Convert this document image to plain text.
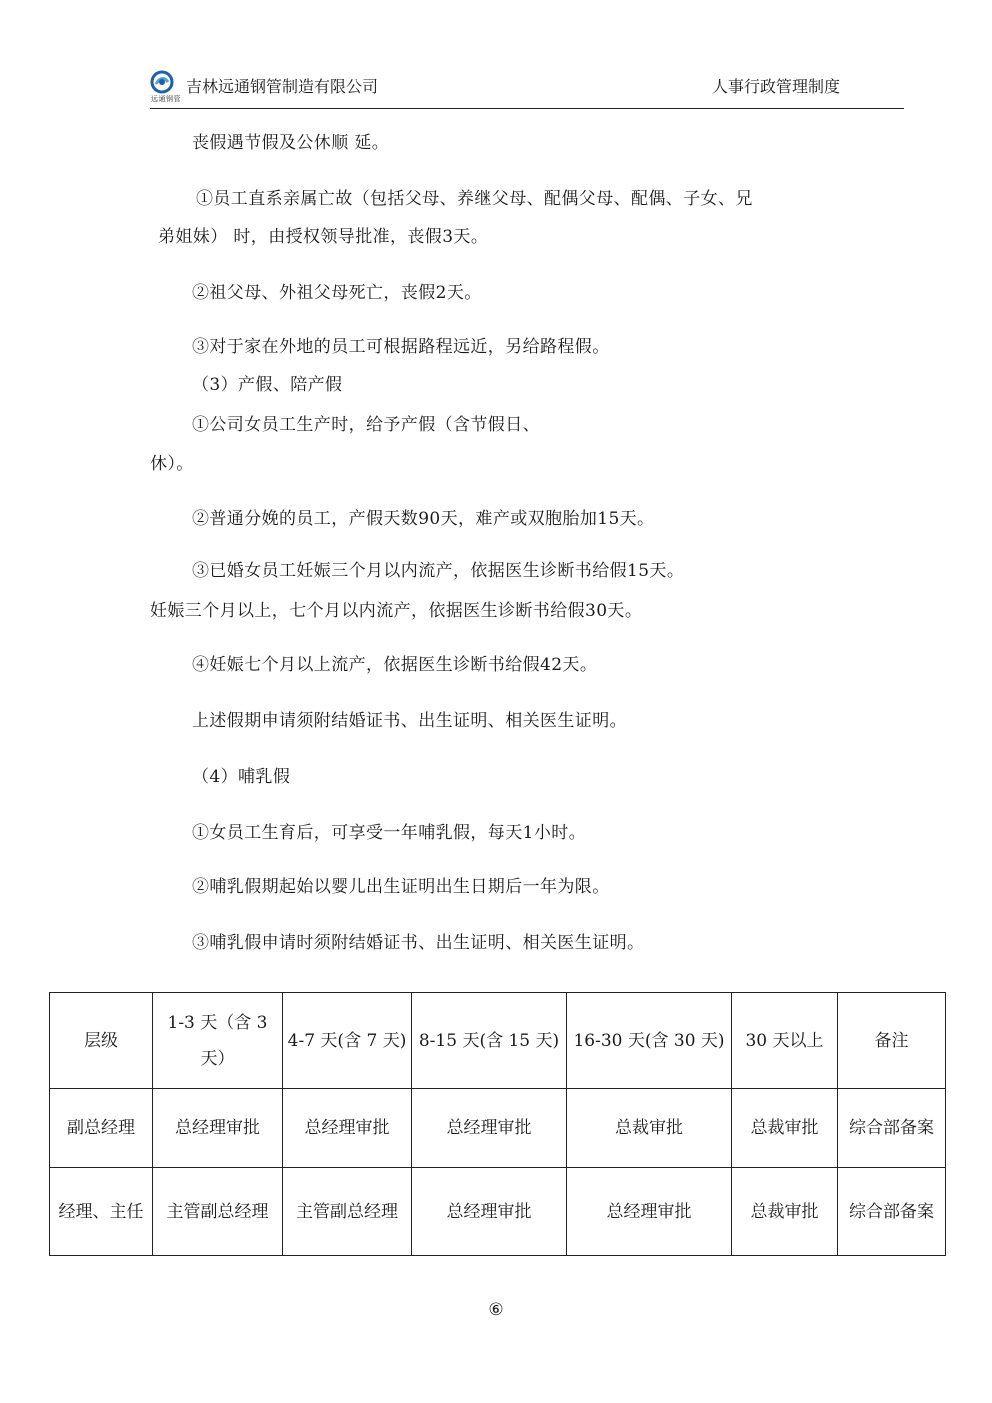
远通钢管
吉林远通钢管制造有限公司	人事行政管理制度
丧假遇节假及公休顺 延。
①员工直系亲属亡故（包括父母、养继父母、配偶父母、配偶、子女、兄
弟姐妹） 时，由授权领导批准，丧假3天。
②祖父母、外祖父母死亡，丧假2天。
③对于家在外地的员工可根据路程远近，另给路程假。
（3）产假、陪产假
①公司女员工生产时，给予产假（含节假日、
休）。
②普通分娩的员工，产假天数90天，难产或双胞胎加15天。
③已婚女员工妊娠三个月以内流产，依据医生诊断书给假15天。
妊娠三个月以上，七个月以内流产，依据医生诊断书给假30天。
④妊娠七个月以上流产，依据医生诊断书给假42天。
上述假期申请须附结婚证书、出生证明、相关医生证明。
（4）哺乳假
①女员工生育后，可享受一年哺乳假，每天1小时。
②哺乳假期起始以婴儿出生证明出生日期后一年为限。
③哺乳假申请时须附结婚证书、出生证明、相关医生证明。
层级	1-3 天（含 3 天）	4-7 天(含 7 天)	8-15 天(含 15 天)	16-30 天(含 30 天)	30 天以上	备注
副总经理	总经理审批	总经理审批	总经理审批	总裁审批	总裁审批	综合部备案
经理、主任	主管副总经理	主管副总经理	总经理审批	总经理审批	总裁审批	综合部备案
⑥
